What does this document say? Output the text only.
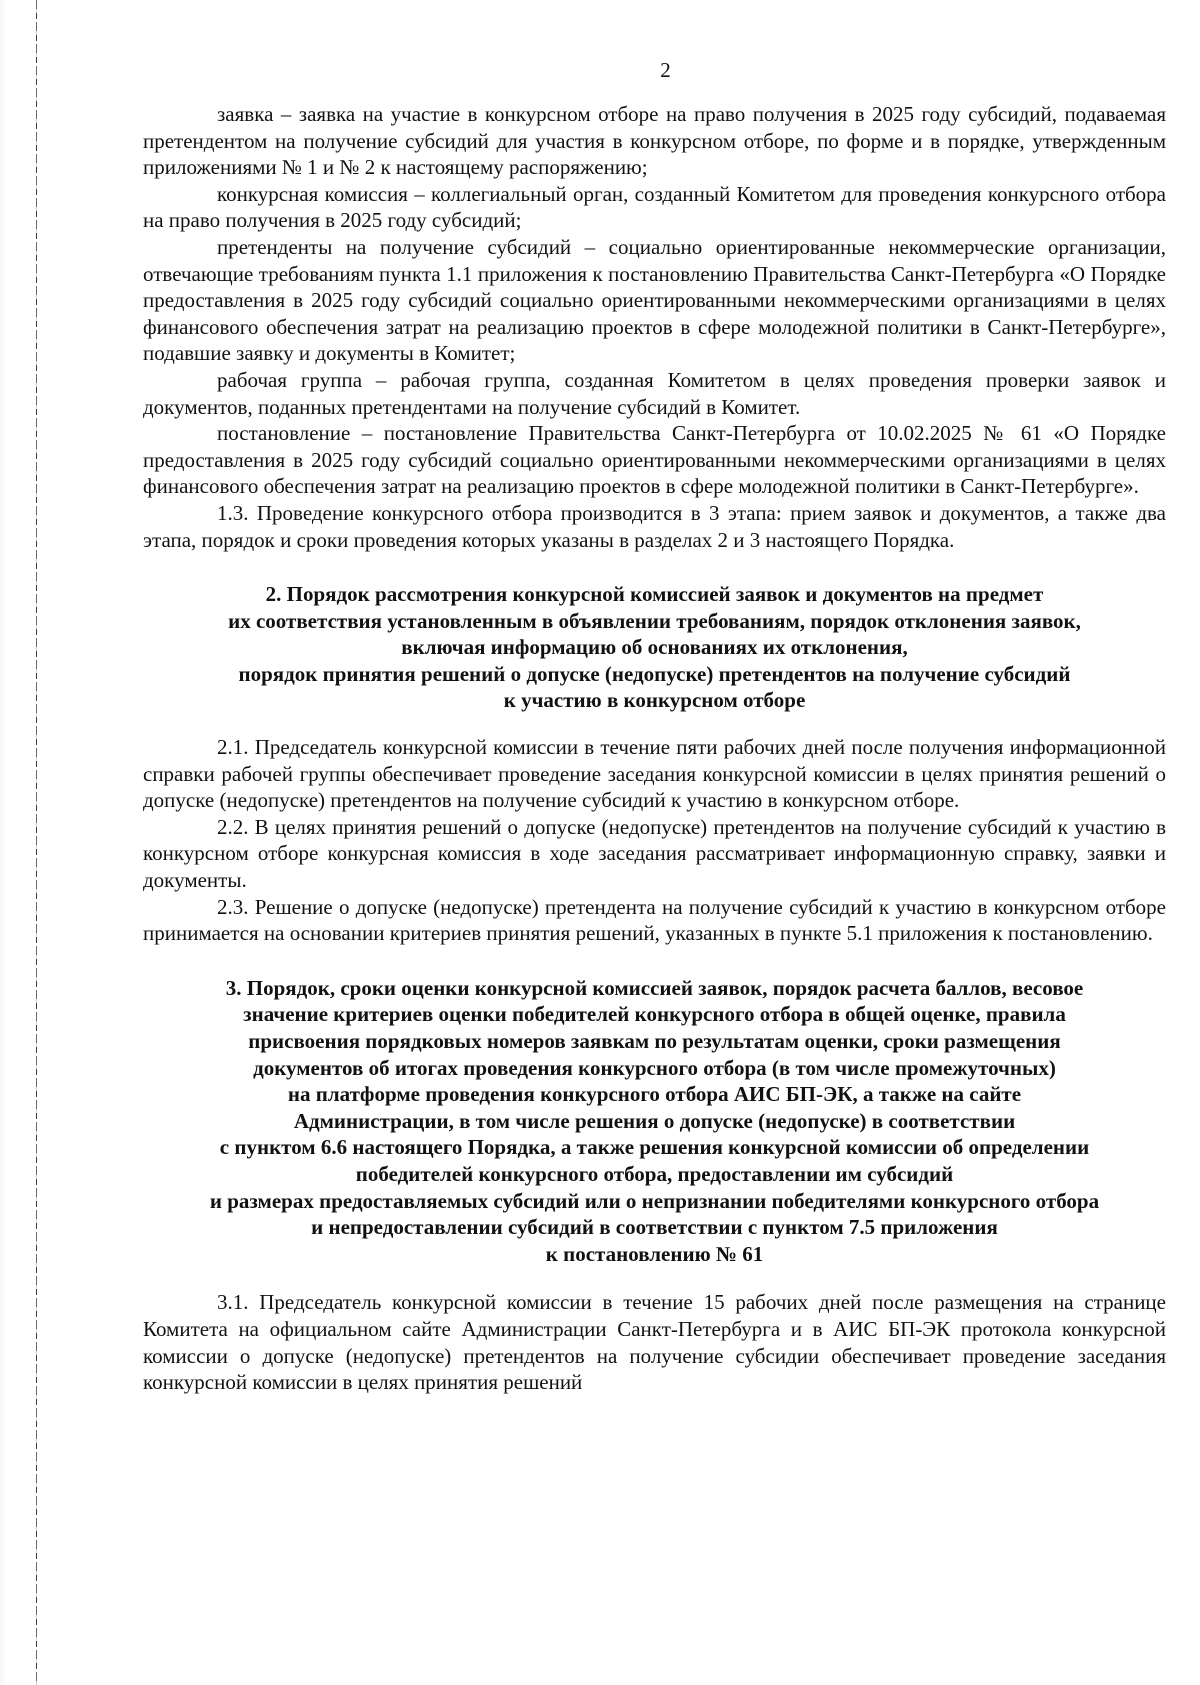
2

заявка – заявка на участие в конкурсном отборе на право получения в 2025 году субсидий, подаваемая претендентом на получение субсидий для участия в конкурсном отборе, по форме и в порядке, утвержденным приложениями № 1 и № 2 к настоящему распоряжению;

конкурсная комиссия – коллегиальный орган, созданный Комитетом для проведения конкурсного отбора на право получения в 2025 году субсидий;

претенденты на получение субсидий – социально ориентированные некоммерческие организации, отвечающие требованиям пункта 1.1 приложения к постановлению Правительства Санкт-Петербурга «О Порядке предоставления в 2025 году субсидий социально ориентированными некоммерческими организациями в целях финансового обеспечения затрат на реализацию проектов в сфере молодежной политики в Санкт-Петербурге», подавшие заявку и документы в Комитет;

рабочая группа – рабочая группа, созданная Комитетом в целях проведения проверки заявок и документов, поданных претендентами на получение субсидий в Комитет.

постановление – постановление Правительства Санкт-Петербурга от 10.02.2025 № 61 «О Порядке предоставления в 2025 году субсидий социально ориентированными некоммерческими организациями в целях финансового обеспечения затрат на реализацию проектов в сфере молодежной политики в Санкт-Петербурге».

1.3. Проведение конкурсного отбора производится в 3 этапа: прием заявок и документов, а также два этапа, порядок и сроки проведения которых указаны в разделах 2 и 3 настоящего Порядка.

2. Порядок рассмотрения конкурсной комиссией заявок и документов на предмет
их соответствия установленным в объявлении требованиям, порядок отклонения заявок,
включая информацию об основаниях их отклонения,
порядок принятия решений о допуске (недопуске) претендентов на получение субсидий
к участию в конкурсном отборе

2.1. Председатель конкурсной комиссии в течение пяти рабочих дней после получения информационной справки рабочей группы обеспечивает проведение заседания конкурсной комиссии в целях принятия решений о допуске (недопуске) претендентов на получение субсидий к участию в конкурсном отборе.

2.2. В целях принятия решений о допуске (недопуске) претендентов на получение субсидий к участию в конкурсном отборе конкурсная комиссия в ходе заседания рассматривает информационную справку, заявки и документы.

2.3. Решение о допуске (недопуске) претендента на получение субсидий к участию в конкурсном отборе принимается на основании критериев принятия решений, указанных в пункте 5.1 приложения к постановлению.

3. Порядок, сроки оценки конкурсной комиссией заявок, порядок расчета баллов, весовое
значение критериев оценки победителей конкурсного отбора в общей оценке, правила
присвоения порядковых номеров заявкам по результатам оценки, сроки размещения
документов об итогах проведения конкурсного отбора (в том числе промежуточных)
на платформе проведения конкурсного отбора АИС БП-ЭК, а также на сайте
Администрации, в том числе решения о допуске (недопуске) в соответствии
с пунктом 6.6 настоящего Порядка, а также решения конкурсной комиссии об определении
победителей конкурсного отбора, предоставлении им субсидий
и размерах предоставляемых субсидий или о непризнании победителями конкурсного отбора
и непредоставлении субсидий в соответствии с пунктом 7.5 приложения
к постановлению № 61

3.1. Председатель конкурсной комиссии в течение 15 рабочих дней после размещения на странице Комитета на официальном сайте Администрации Санкт-Петербурга и в АИС БП-ЭК протокола конкурсной комиссии о допуске (недопуске) претендентов на получение субсидии обеспечивает проведение заседания конкурсной комиссии в целях принятия решений
